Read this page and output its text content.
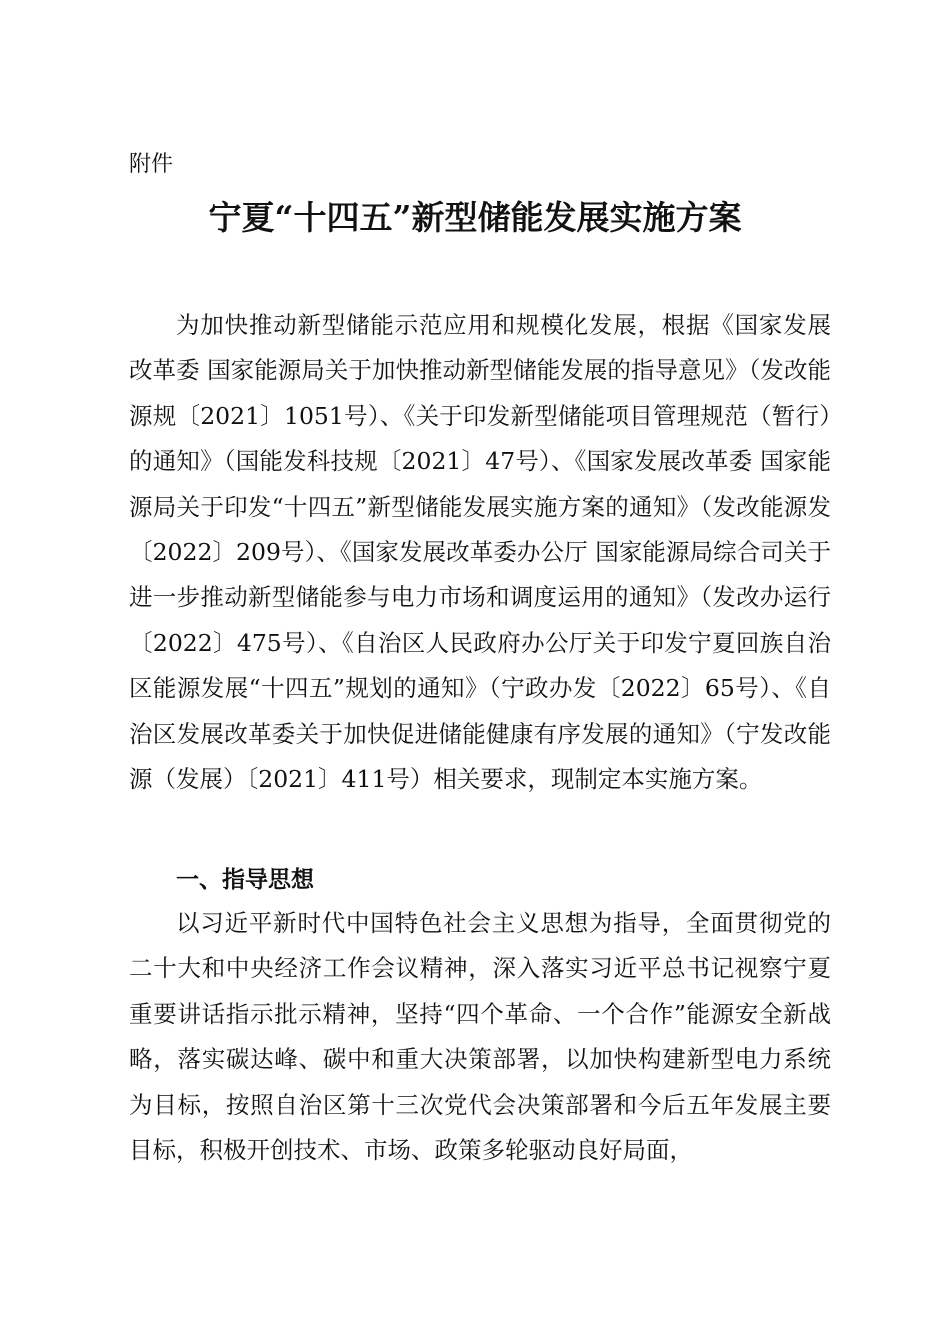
附件

宁夏“十四五”新型储能发展实施方案

为加快推动新型储能示范应用和规模化发展，根据《国家发展改革委 国家能源局关于加快推动新型储能发展的指导意见》（发改能源规〔2021〕1051号）、《关于印发新型储能项目管理规范（暂行）的通知》（国能发科技规〔2021〕47号）、《国家发展改革委 国家能源局关于印发“十四五”新型储能发展实施方案的通知》（发改能源发〔2022〕209号）、《国家发展改革委办公厅 国家能源局综合司关于进一步推动新型储能参与电力市场和调度运用的通知》（发改办运行〔2022〕475号）、《自治区人民政府办公厅关于印发宁夏回族自治区能源发展“十四五”规划的通知》（宁政办发〔2022〕65号）、《自治区发展改革委关于加快促进储能健康有序发展的通知》（宁发改能源（发展）〔2021〕411号）相关要求，现制定本实施方案。

一、指导思想

以习近平新时代中国特色社会主义思想为指导，全面贯彻党的二十大和中央经济工作会议精神，深入落实习近平总书记视察宁夏重要讲话指示批示精神，坚持“四个革命、一个合作”能源安全新战略，落实碳达峰、碳中和重大决策部署，以加快构建新型电力系统为目标，按照自治区第十三次党代会决策部署和今后五年发展主要目标，积极开创技术、市场、政策多轮驱动良好局面，
